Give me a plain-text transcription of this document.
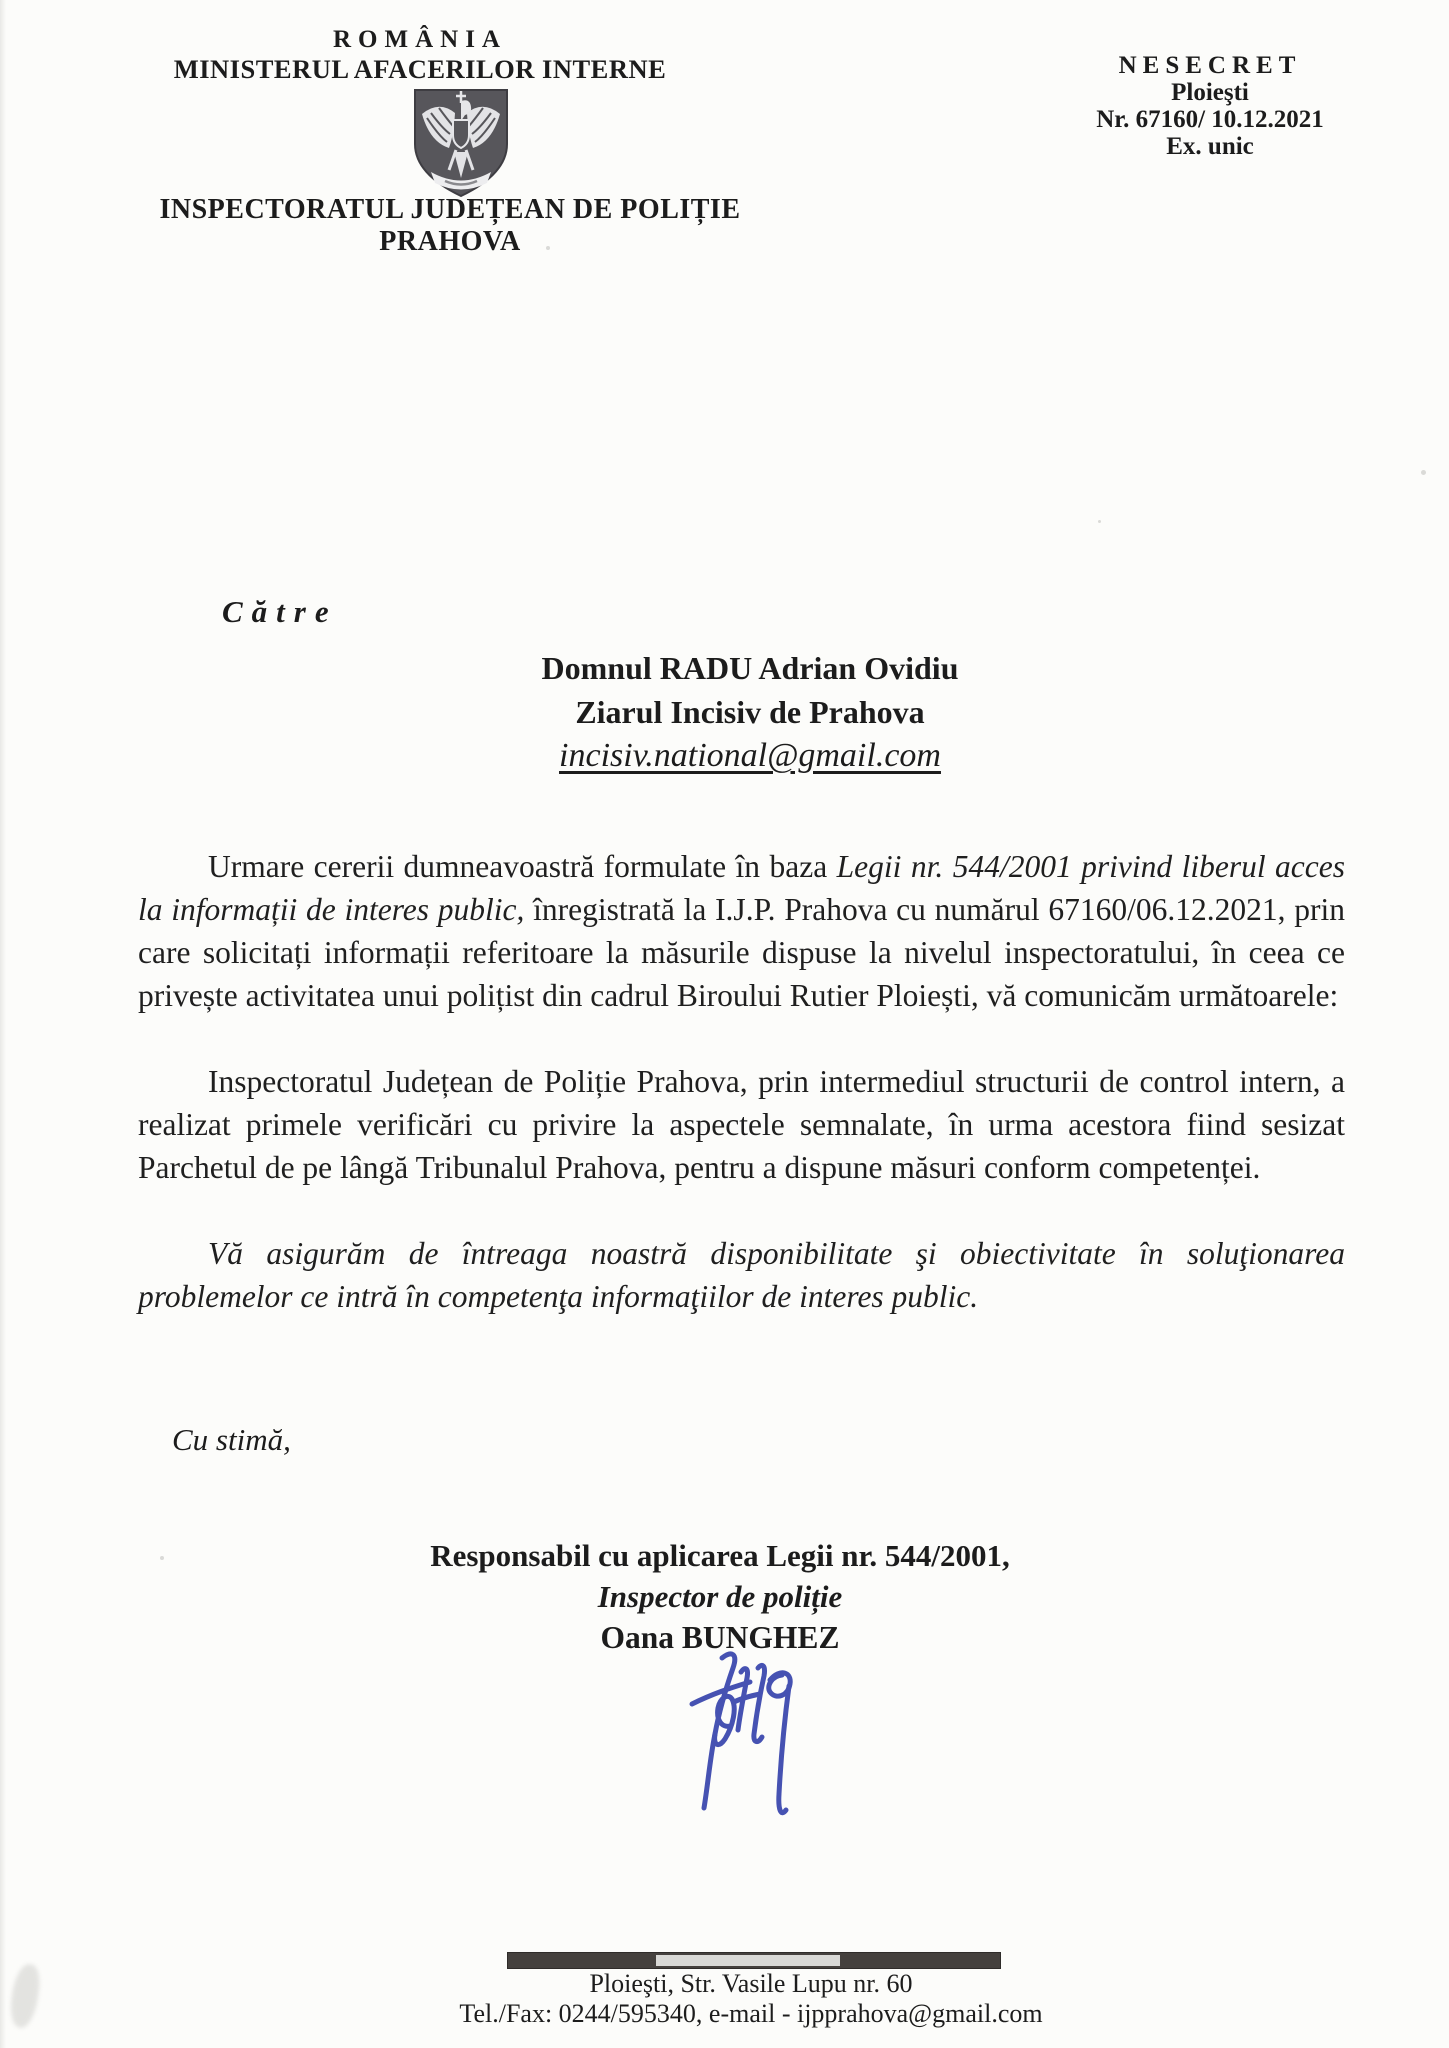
ROMÂNIA
MINISTERUL AFACERILOR INTERNE
INSPECTORATUL JUDEȚEAN DE POLIȚIE PRAHOVA
NESECRET
Ploieşti
Nr. 67160/ 10.12.2021
Ex. unic
Către
Domnul RADU Adrian Ovidiu
Ziarul Incisiv de Prahova
incisiv.national@gmail.com

Urmare cererii dumneavoastră formulate în baza Legii nr. 544/2001 privind liberul acces la informații de interes public, înregistrată la I.J.P. Prahova cu numărul 67160/06.12.2021, prin care solicitați informații referitoare la măsurile dispuse la nivelul inspectoratului, în ceea ce privește activitatea unui polițist din cadrul Biroului Rutier Ploiești, vă comunicăm următoarele:

Inspectoratul Județean de Poliție Prahova, prin intermediul structurii de control intern, a realizat primele verificări cu privire la aspectele semnalate, în urma acestora fiind sesizat Parchetul de pe lângă Tribunalul Prahova, pentru a dispune măsuri conform competenței.

Vă asigurăm de întreaga noastră disponibilitate şi obiectivitate în soluţionarea problemelor ce intră în competenţa informaţiilor de interes public.

Cu stimă,
Responsabil cu aplicarea Legii nr. 544/2001,
Inspector de poliție
Oana BUNGHEZ
Ploieşti, Str. Vasile Lupu nr. 60
Tel./Fax: 0244/595340, e-mail - ijpprahova@gmail.com
